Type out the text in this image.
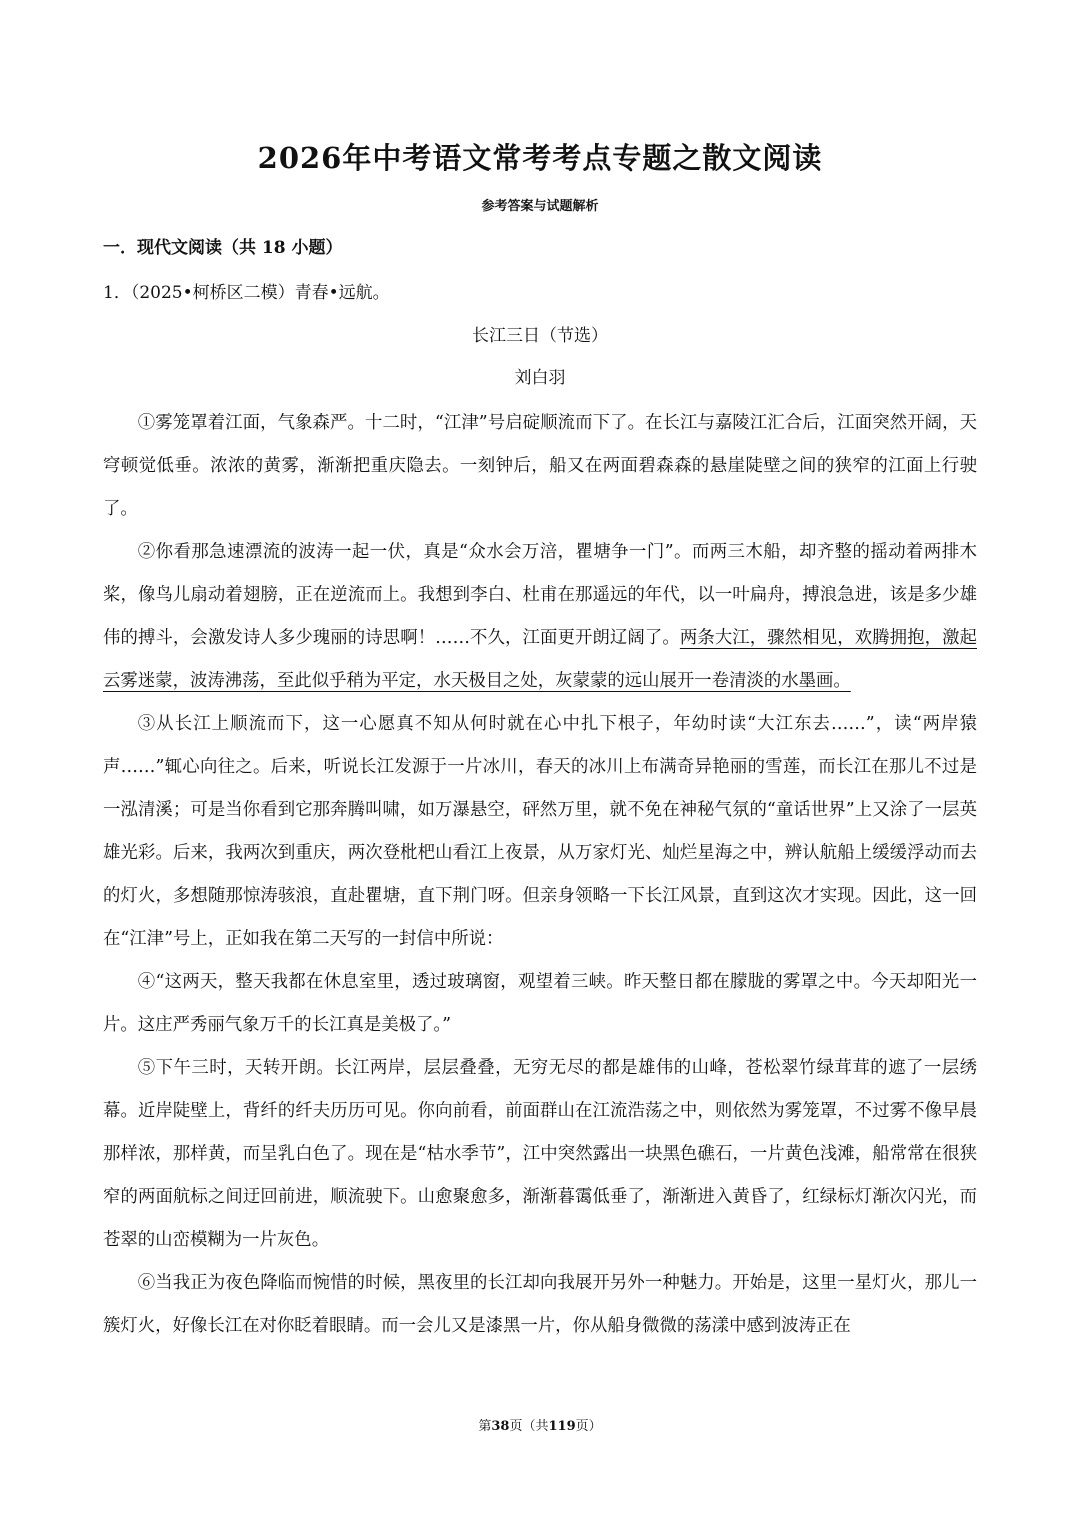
2026年中考语文常考考点专题之散文阅读
参考答案与试题解析
一．现代文阅读（共 18 小题）
1．（2025•柯桥区二模）青春•远航。
长江三日（节选）
刘白羽

①雾笼罩着江面，气象森严。十二时，“江津”号启碇顺流而下了。在长江与嘉陵江汇合后，江面突然开阔，天穹顿觉低垂。浓浓的黄雾，渐渐把重庆隐去。一刻钟后，船又在两面碧森森的悬崖陡壁之间的狭窄的江面上行驶了。

②你看那急速漂流的波涛一起一伏，真是“众水会万涪，瞿塘争一门”。而两三木船，却齐整的摇动着两排木桨，像鸟儿扇动着翅膀，正在逆流而上。我想到李白、杜甫在那遥远的年代，以一叶扁舟，搏浪急进，该是多少雄伟的搏斗，会激发诗人多少瑰丽的诗思啊！……不久，江面更开朗辽阔了。两条大江，骤然相见，欢腾拥抱，激起云雾迷蒙，波涛沸荡，至此似乎稍为平定，水天极目之处，灰蒙蒙的远山展开一卷清淡的水墨画。

③从长江上顺流而下，这一心愿真不知从何时就在心中扎下根子，年幼时读“大江东去……”，读“两岸猿声……”辄心向往之。后来，听说长江发源于一片冰川，春天的冰川上布满奇异艳丽的雪莲，而长江在那儿不过是一泓清溪；可是当你看到它那奔腾叫啸，如万瀑悬空，砰然万里，就不免在神秘气氛的“童话世界”上又涂了一层英雄光彩。后来，我两次到重庆，两次登枇杷山看江上夜景，从万家灯光、灿烂星海之中，辨认航船上缓缓浮动而去的灯火，多想随那惊涛骇浪，直赴瞿塘，直下荆门呀。但亲身领略一下长江风景，直到这次才实现。因此，这一回在“江津”号上，正如我在第二天写的一封信中所说：

④“这两天，整天我都在休息室里，透过玻璃窗，观望着三峡。昨天整日都在朦胧的雾罩之中。今天却阳光一片。这庄严秀丽气象万千的长江真是美极了。”

⑤下午三时，天转开朗。长江两岸，层层叠叠，无穷无尽的都是雄伟的山峰，苍松翠竹绿茸茸的遮了一层绣幕。近岸陡壁上，背纤的纤夫历历可见。你向前看，前面群山在江流浩荡之中，则依然为雾笼罩，不过雾不像早晨那样浓，那样黄，而呈乳白色了。现在是“枯水季节”，江中突然露出一块黑色礁石，一片黄色浅滩，船常常在很狭窄的两面航标之间迂回前进，顺流驶下。山愈聚愈多，渐渐暮霭低垂了，渐渐进入黄昏了，红绿标灯渐次闪光，而苍翠的山峦模糊为一片灰色。

⑥当我正为夜色降临而惋惜的时候，黑夜里的长江却向我展开另外一种魅力。开始是，这里一星灯火，那儿一簇灯火，好像长江在对你眨着眼睛。而一会儿又是漆黑一片，你从船身微微的荡漾中感到波涛正在

第38页（共119页）
